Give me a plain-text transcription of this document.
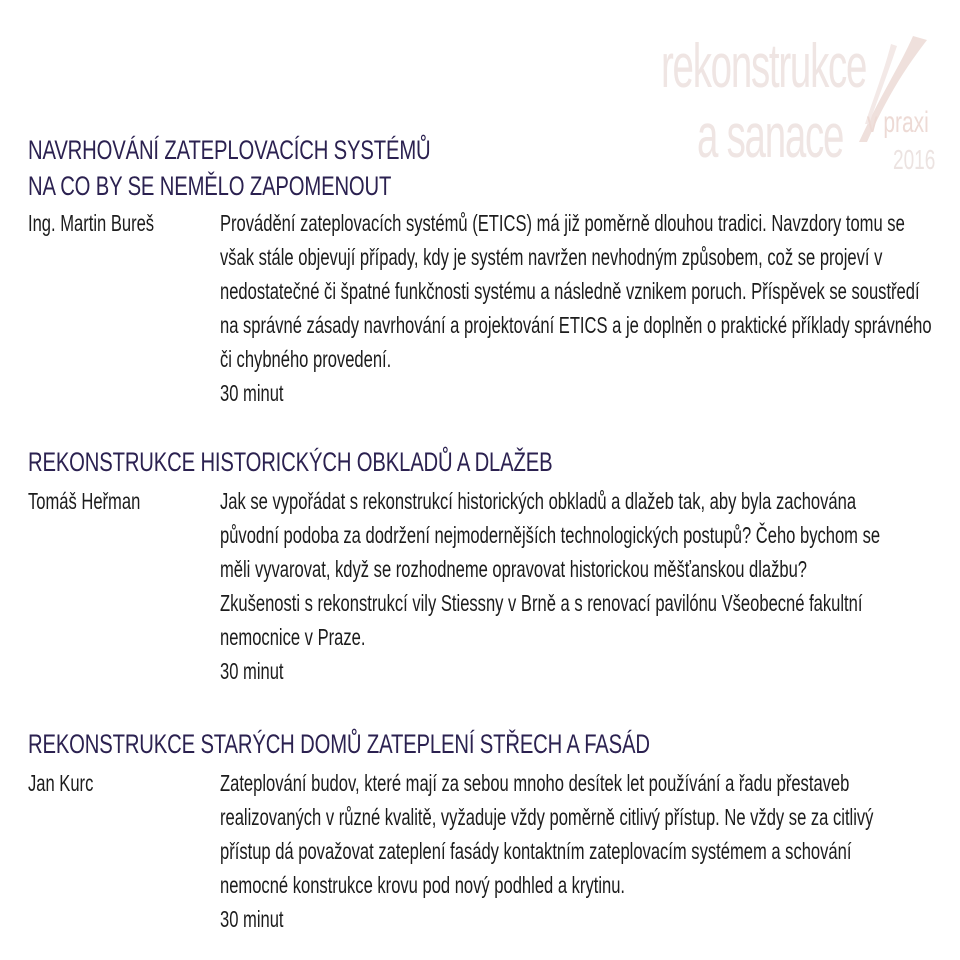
rekonstrukce
a sanace v praxi
2016
NAVRHOVÁNÍ ZATEPLOVACÍCH SYSTÉMŮ
NA CO BY SE NEMĚLO ZAPOMENOUT
Ing. Martin Bureš	Provádění zateplovacích systémů (ETICS) má již poměrně dlouhou tradici. Navzdory tomu se
však stále objevují případy, kdy je systém navržen nevhodným způsobem, což se projeví v
nedostatečné či špatné funkčnosti systému a následně vznikem poruch. Příspěvek se soustředí
na správné zásady navrhování a projektování ETICS a je doplněn o praktické příklady správného
či chybného provedení.
30 minut
REKONSTRUKCE HISTORICKÝCH OBKLADŮ A DLAŽEB
Tomáš Heřman	Jak se vypořádat s rekonstrukcí historických obkladů a dlažeb tak, aby byla zachována
původní podoba za dodržení nejmodernějších technologických postupů? Čeho bychom se
měli vyvarovat, když se rozhodneme opravovat historickou měšťanskou dlažbu?
Zkušenosti s rekonstrukcí vily Stiessny v Brně a s renovací pavilónu Všeobecné fakultní
nemocnice v Praze.
30 minut
REKONSTRUKCE STARÝCH DOMŮ ZATEPLENÍ STŘECH A FASÁD
Jan Kurc	Zateplování budov, které mají za sebou mnoho desítek let používání a řadu přestaveb
realizovaných v různé kvalitě, vyžaduje vždy poměrně citlivý přístup. Ne vždy se za citlivý
přístup dá považovat zateplení fasády kontaktním zateplovacím systémem a schování
nemocné konstrukce krovu pod nový podhled a krytinu.
30 minut
